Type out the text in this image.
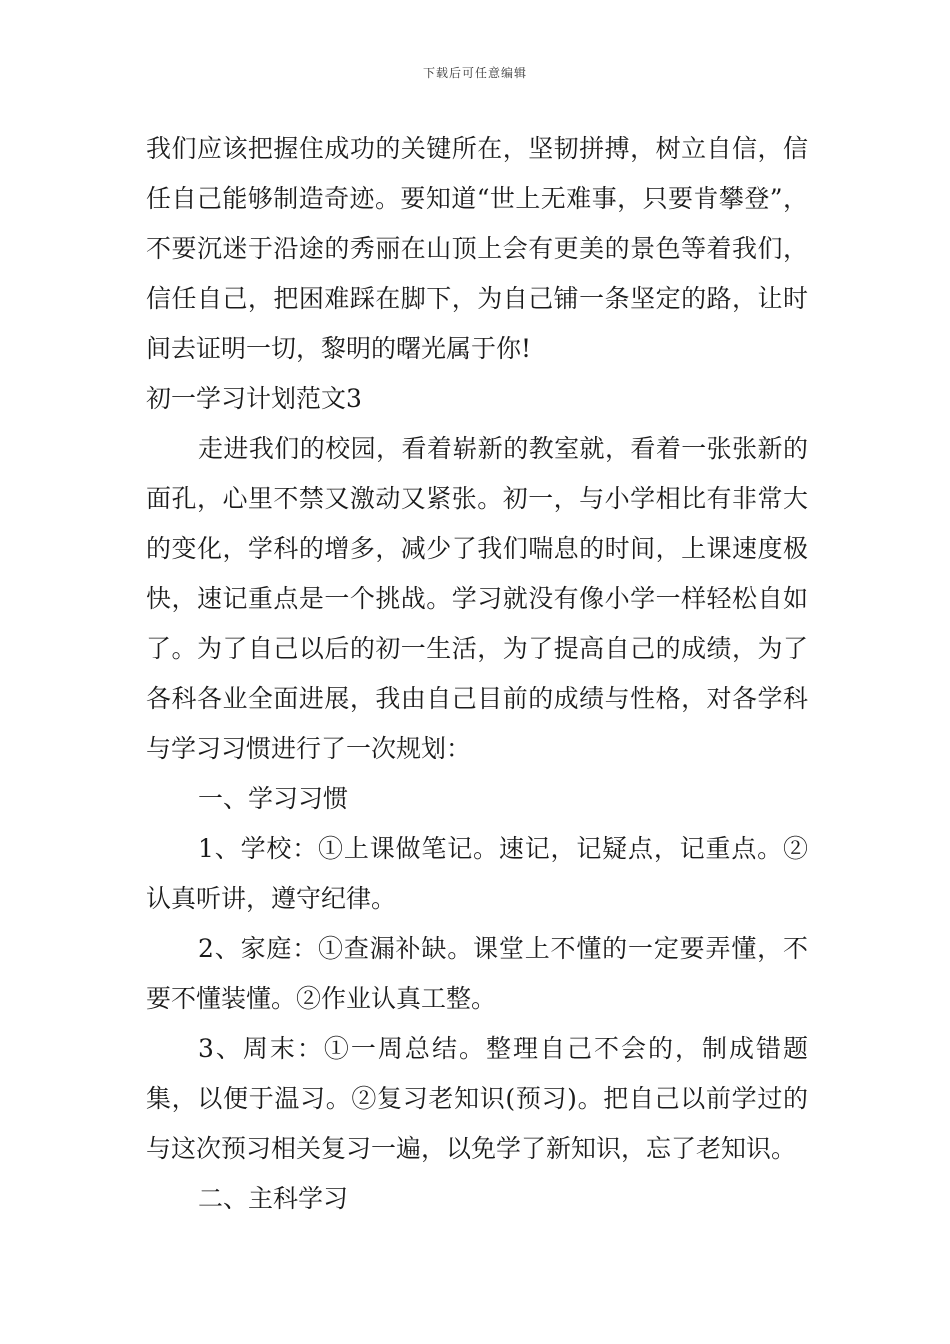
下载后可任意编辑

我们应该把握住成功的关键所在，坚韧拼搏，树立自信，信任自己能够制造奇迹。要知道“世上无难事，只要肯攀登”，不要沉迷于沿途的秀丽在山顶上会有更美的景色等着我们，信任自己，把困难踩在脚下，为自己铺一条坚定的路，让时间去证明一切，黎明的曙光属于你!

初一学习计划范文3

走进我们的校园，看着崭新的教室就，看着一张张新的面孔，心里不禁又激动又紧张。初一，与小学相比有非常大的变化，学科的增多，减少了我们喘息的时间，上课速度极快，速记重点是一个挑战。学习就没有像小学一样轻松自如了。为了自己以后的初一生活，为了提高自己的成绩，为了各科各业全面进展，我由自己目前的成绩与性格，对各学科与学习习惯进行了一次规划：

一、学习习惯

1、学校：①上课做笔记。速记，记疑点，记重点。②认真听讲，遵守纪律。

2、家庭：①查漏补缺。课堂上不懂的一定要弄懂，不要不懂装懂。②作业认真工整。

3、周末：①一周总结。整理自己不会的，制成错题集，以便于温习。②复习老知识(预习)。把自己以前学过的与这次预习相关复习一遍，以免学了新知识，忘了老知识。

二、主科学习
